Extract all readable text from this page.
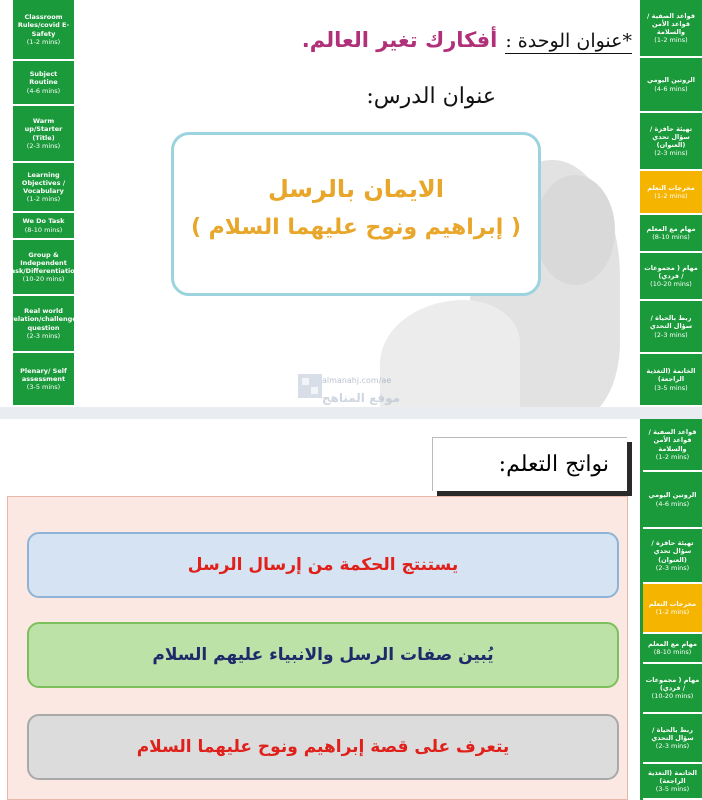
Classroom Rules/covid E- Safety
(1-2 mins)
Subject Routine
(4-6 mins)
Warm up/Starter (Title)
(2-3 mins)
Learning Objectives / Vocabulary
(1-2 mins)
We Do Task
(8-10 mins)
Group & Independent task/Differentiation
(10-20 mins)
Real world relation/challenge question
(2-3 mins)
Plenary/ Self assessment
(3-5 mins)
قواعد الصفية / قواعد الأمن والسلامة
(1-2 mins)
الروتين اليومي
(4-6 mins)
تهيئة حافزة / سؤال تحدي (العنوان)
(2-3 mins)
مخرجات التعلم
(1-2 mins)
مهام مع المعلم
(8-10 mins)
مهام ( مجموعات / فردي)
(10-20 mins)
ربط بالحياة /سؤال التحدي
(2-3 mins)
الخاتمة (التغذية الراجعة)
(3-5 mins)
*عنوان الوحدة :
أفكارك تغير العالم.
عنوان الدرس:
الايمان بالرسل
( إبراهيم ونوح عليهما السلام )
almanahj.com/ae
موقع المناهج
قواعد الصفية / قواعد الأمن والسلامة
(1-2 mins)
الروتين اليومي
(4-6 mins)
تهيئة حافزة / سؤال تحدي (العنوان)
(2-3 mins)
مخرجات التعلم
(1-2 mins)
مهام مع المعلم
(8-10 mins)
مهام ( مجموعات / فردي)
(10-20 mins)
ربط بالحياة /سؤال التحدي
(2-3 mins)
الخاتمة (التغذية الراجعة)
(3-5 mins)
نواتج التعلم:
يستنتج الحكمة من إرسال الرسل
يُبين صفات الرسل والانبياء عليهم السلام
يتعرف على قصة إبراهيم ونوح عليهما السلام
